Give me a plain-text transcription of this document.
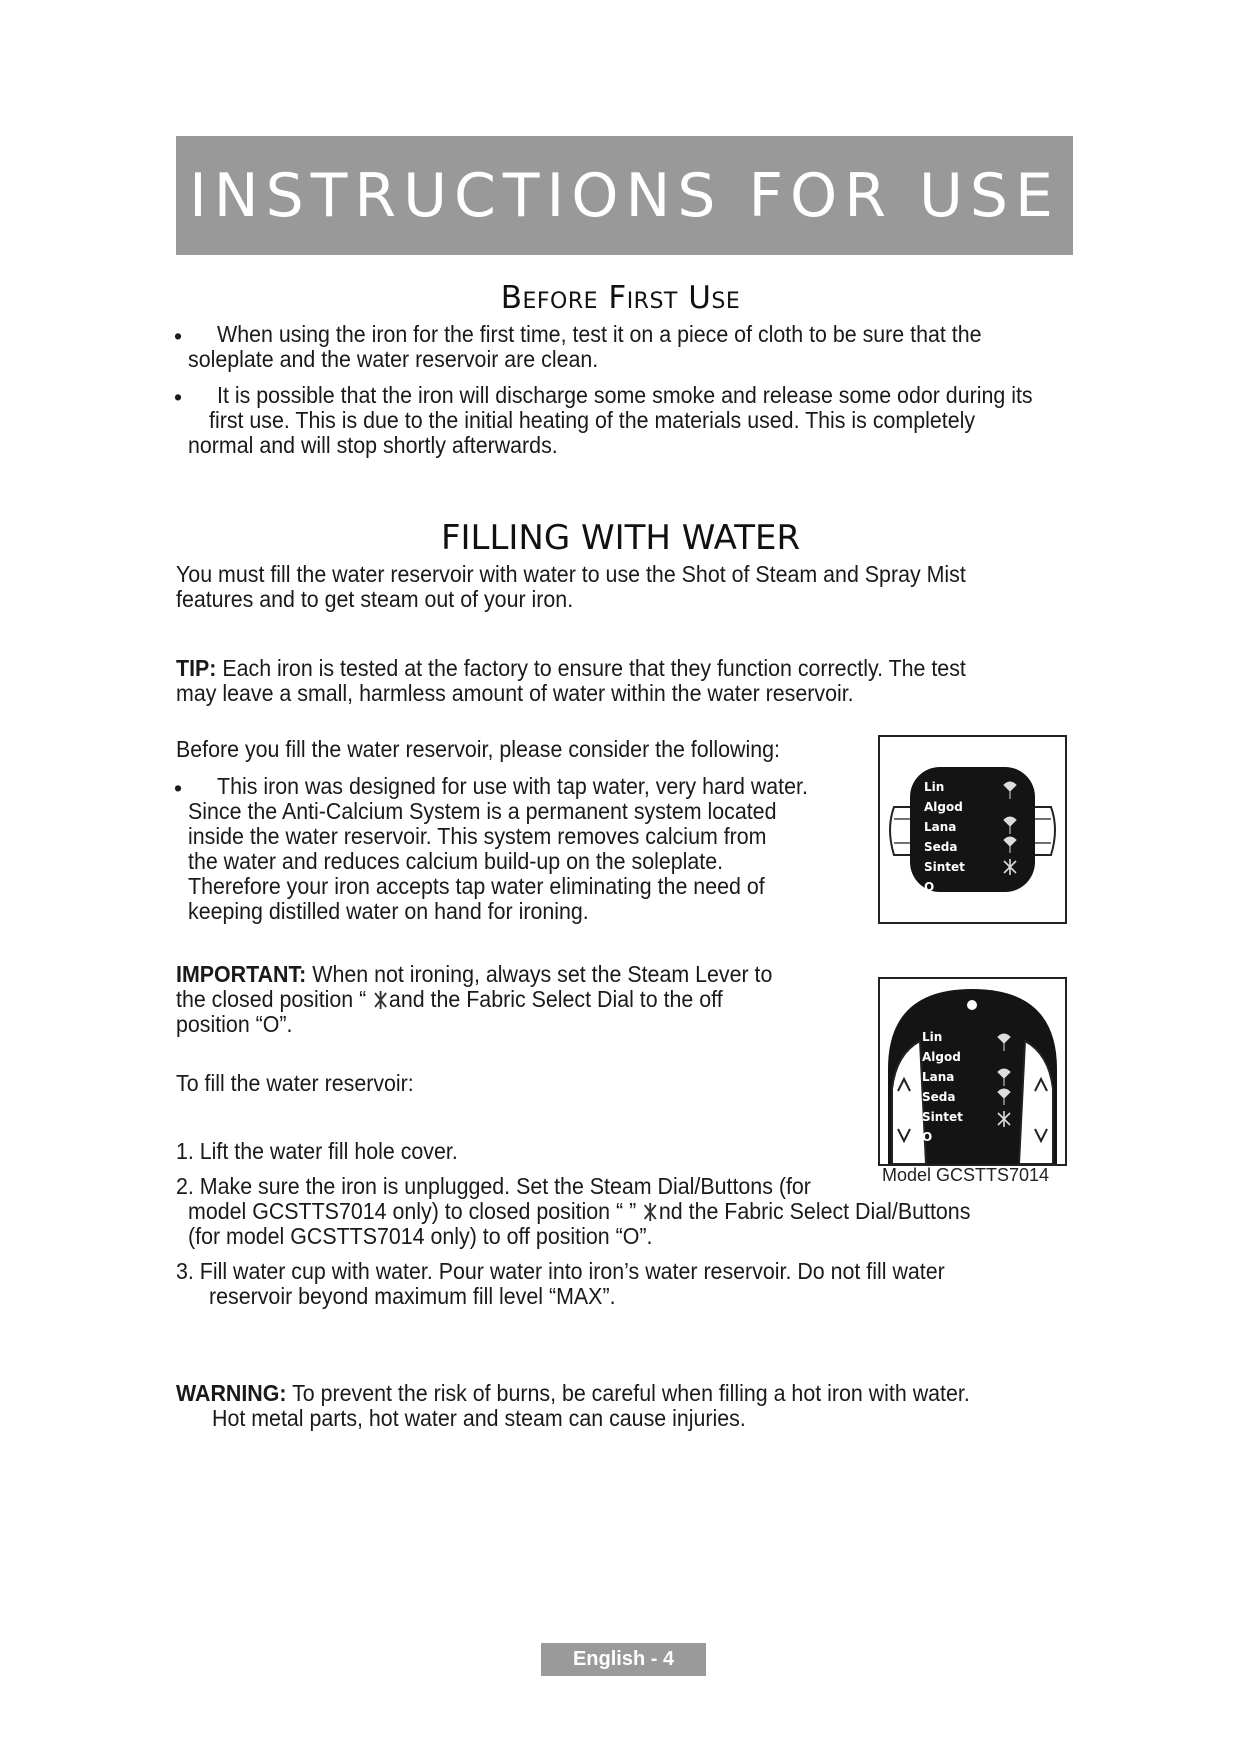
INSTRUCTIONS FOR USE
Before First Use
• When using the iron for the first time, test it on a piece of cloth to be sure that the
soleplate and the water reservoir are clean.
• It is possible that the iron will discharge some smoke and release some odor during its
first use. This is due to the initial heating of the materials used. This is completely
normal and will stop shortly afterwards.
FILLING WITH WATER
You must fill the water reservoir with water to use the Shot of Steam and Spray Mist
features and to get steam out of your iron.
TIP: Each iron is tested at the factory to ensure that they function correctly. The test
may leave a small, harmless amount of water within the water reservoir.
Before you fill the water reservoir, please consider the following:
• This iron was designed for use with tap water, very hard water.
Since the Anti-Calcium System is a permanent system located
inside the water reservoir. This system removes calcium from
the water and reduces calcium build-up on the soleplate.
Therefore your iron accepts tap water eliminating the need of
keeping distilled water on hand for ironing.
IMPORTANT: When not ironing, always set the Steam Lever to
the closed position “ and the Fabric Select Dial to the off
position “O”.
To fill the water reservoir:
1. Lift the water fill hole cover.
2. Make sure the iron is unplugged. Set the Steam Dial/Buttons (for
model GCSTTS7014 only) to closed position “ ” nd the Fabric Select Dial/Buttons
(for model GCSTTS7014 only) to off position “O”.
3. Fill water cup with water. Pour water into iron’s water reservoir. Do not fill water
reservoir beyond maximum fill level “MAX”.
WARNING: To prevent the risk of burns, be careful when filling a hot iron with water.
Hot metal parts, hot water and steam can cause injuries.
Lin
Algod
Lana
Seda
Sintet
O
Lin
Algod
Lana
Seda
Sintet
O
Model GCSTTS7014
English - 4
